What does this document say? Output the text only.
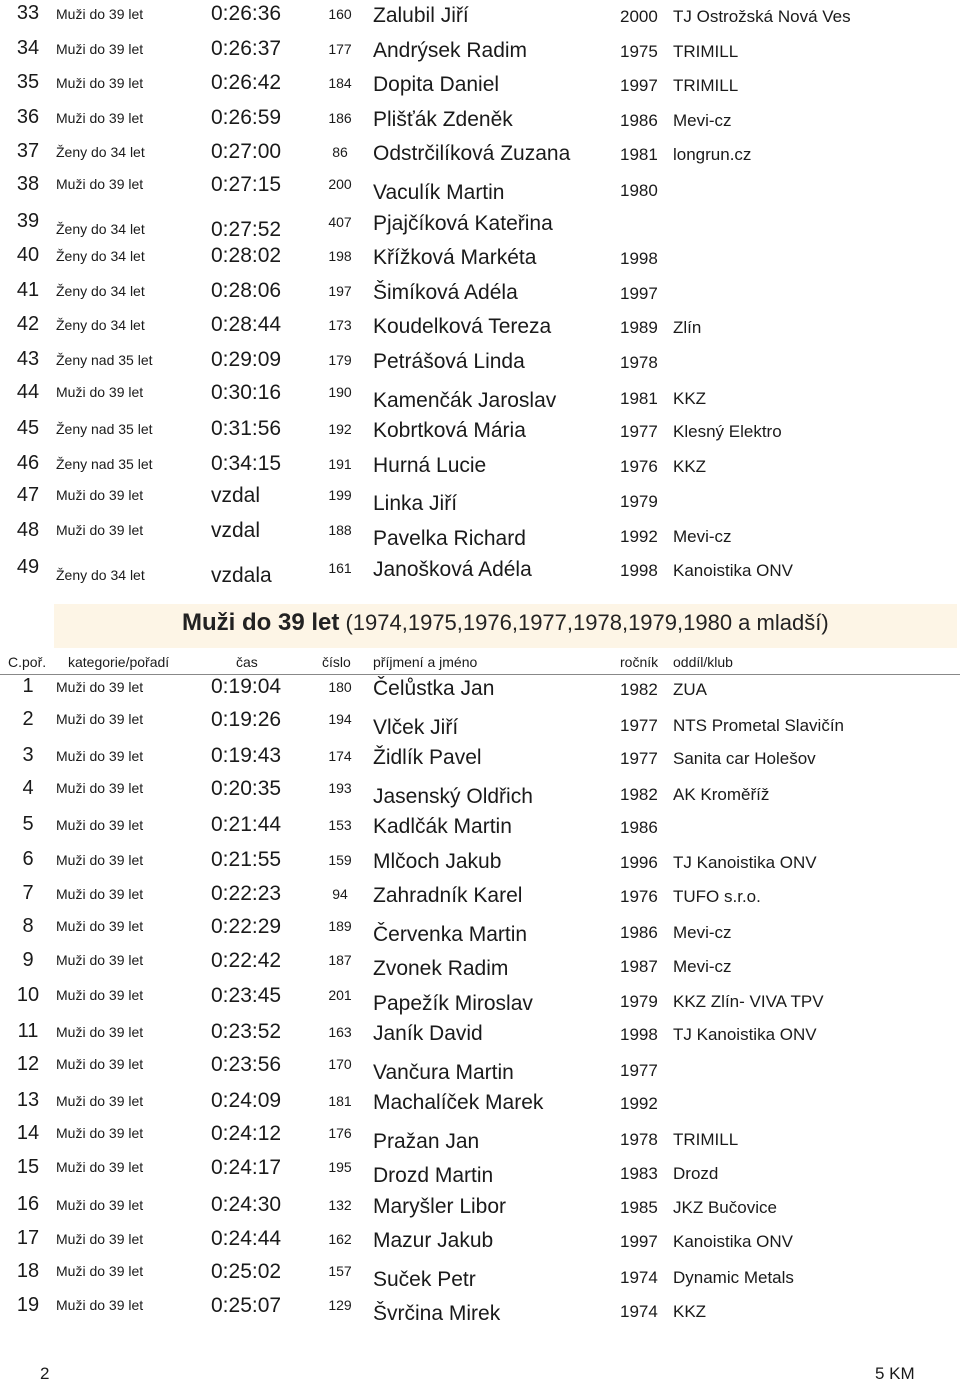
33 Muži do 39 let	0:26:36	160 Zalubil Jiří	2000 TJ Ostrožská Nová Ves
34 Muži do 39 let	0:26:37	177 Andrýsek Radim	1975 TRIMILL
35 Muži do 39 let	0:26:42	184 Dopita Daniel	1997 TRIMILL
36 Muži do 39 let	0:26:59	186 Plišťák Zdeněk	1986 Mevi-cz
37 Ženy do 34 let	0:27:00	86 Odstrčilíková Zuzana	1981 longrun.cz
38 Muži do 39 let	0:27:15	200 Vaculík Martin	1980
39 Ženy do 34 let	0:27:52	407 Pjajčíková Kateřina
40 Ženy do 34 let	0:28:02	198 Křížková Markéta	1998
41 Ženy do 34 let	0:28:06	197 Šimíková Adéla	1997
42 Ženy do 34 let	0:28:44	173 Koudelková Tereza	1989 Zlín
43 Ženy nad 35 let	0:29:09	179 Petrášová Linda	1978
44 Muži do 39 let	0:30:16	190 Kamenčák Jaroslav	1981 KKZ
45 Ženy nad 35 let	0:31:56	192 Kobrtková Mária	1977 Klesný Elektro
46 Ženy nad 35 let	0:34:15	191 Hurná Lucie	1976 KKZ
47 Muži do 39 let	vzdal	199 Linka Jiří	1979
48 Muži do 39 let	vzdal	188 Pavelka Richard	1992 Mevi-cz
49 Ženy do 34 let	vzdala	161 Janošková Adéla	1998 Kanoistika ONV
Muži do 39 let (1974,1975,1976,1977,1978,1979,1980 a mladší)
C.poř. kategorie/pořadí	čas	číslo příjmení a jméno	ročník oddíl/klub
1	Muži do 39 let	0:19:04	180 Čelůstka Jan	1982 ZUA
2	Muži do 39 let	0:19:26	194 Vlček Jiří	1977 NTS Prometal Slavičín
3	Muži do 39 let	0:19:43	174 Židlík Pavel	1977 Sanita car Holešov
4	Muži do 39 let	0:20:35	193 Jasenský Oldřich	1982 AK Kroměříž
5	Muži do 39 let	0:21:44	153 Kadlčák Martin	1986
6	Muži do 39 let	0:21:55	159 Mlčoch Jakub	1996 TJ Kanoistika ONV
7	Muži do 39 let	0:22:23	94 Zahradník Karel	1976 TUFO s.r.o.
8	Muži do 39 let	0:22:29	189 Červenka Martin	1986 Mevi-cz
9	Muži do 39 let	0:22:42	187 Zvonek Radim	1987 Mevi-cz
10 Muži do 39 let	0:23:45	201 Papežík Miroslav	1979 KKZ Zlín- VIVA TPV
11 Muži do 39 let	0:23:52	163 Janík David	1998 TJ Kanoistika ONV
12 Muži do 39 let	0:23:56	170 Vančura Martin	1977
13 Muži do 39 let	0:24:09	181 Machalíček Marek	1992
14 Muži do 39 let	0:24:12	176 Pražan Jan	1978 TRIMILL
15 Muži do 39 let	0:24:17	195 Drozd Martin	1983 Drozd
16 Muži do 39 let	0:24:30	132 Maryšler Libor	1985 JKZ Bučovice
17 Muži do 39 let	0:24:44	162 Mazur Jakub	1997 Kanoistika ONV
18 Muži do 39 let	0:25:02	157 Suček Petr	1974 Dynamic Metals
19 Muži do 39 let	0:25:07	129 Švrčina Mirek	1974 KKZ
2	5 KM
